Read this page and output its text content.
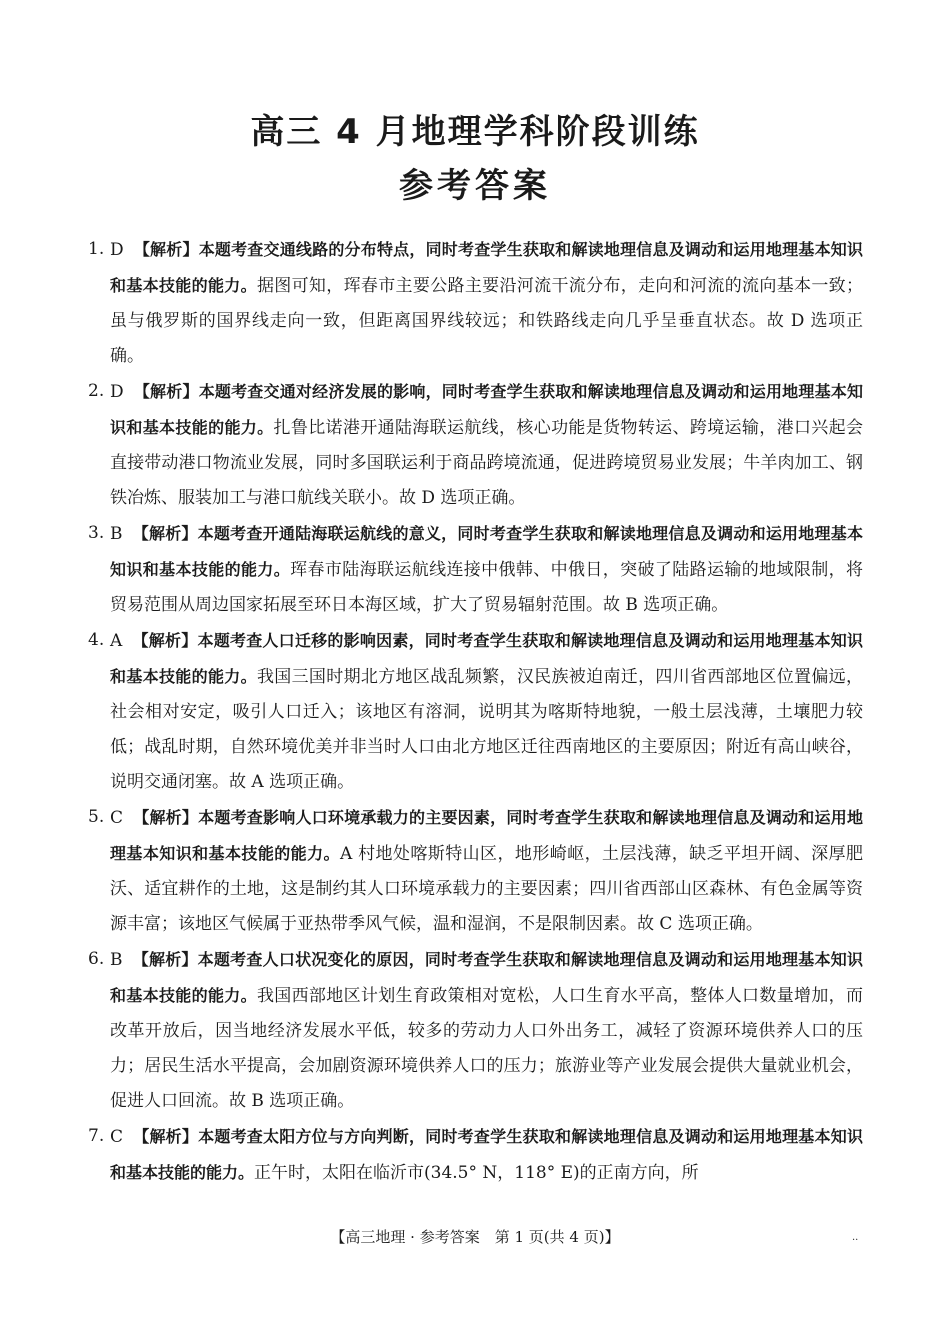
高三 4 月地理学科阶段训练
参考答案
1. D 【解析】本题考查交通线路的分布特点，同时考查学生获取和解读地理信息及调动和运用地理基本知识和基本技能的能力。据图可知，珲春市主要公路主要沿河流干流分布，走向和河流的流向基本一致；虽与俄罗斯的国界线走向一致，但距离国界线较远；和铁路线走向几乎呈垂直状态。故 D 选项正确。
2. D 【解析】本题考查交通对经济发展的影响，同时考查学生获取和解读地理信息及调动和运用地理基本知识和基本技能的能力。扎鲁比诺港开通陆海联运航线，核心功能是货物转运、跨境运输，港口兴起会直接带动港口物流业发展，同时多国联运利于商品跨境流通，促进跨境贸易业发展；牛羊肉加工、钢铁冶炼、服装加工与港口航线关联小。故 D 选项正确。
3. B 【解析】本题考查开通陆海联运航线的意义，同时考查学生获取和解读地理信息及调动和运用地理基本知识和基本技能的能力。珲春市陆海联运航线连接中俄韩、中俄日，突破了陆路运输的地域限制，将贸易范围从周边国家拓展至环日本海区域，扩大了贸易辐射范围。故 B 选项正确。
4. A 【解析】本题考查人口迁移的影响因素，同时考查学生获取和解读地理信息及调动和运用地理基本知识和基本技能的能力。我国三国时期北方地区战乱频繁，汉民族被迫南迁，四川省西部地区位置偏远，社会相对安定，吸引人口迁入；该地区有溶洞，说明其为喀斯特地貌，一般土层浅薄，土壤肥力较低；战乱时期，自然环境优美并非当时人口由北方地区迁往西南地区的主要原因；附近有高山峡谷，说明交通闭塞。故 A 选项正确。
5. C 【解析】本题考查影响人口环境承载力的主要因素，同时考查学生获取和解读地理信息及调动和运用地理基本知识和基本技能的能力。A 村地处喀斯特山区，地形崎岖，土层浅薄，缺乏平坦开阔、深厚肥沃、适宜耕作的土地，这是制约其人口环境承载力的主要因素；四川省西部山区森林、有色金属等资源丰富；该地区气候属于亚热带季风气候，温和湿润，不是限制因素。故 C 选项正确。
6. B 【解析】本题考查人口状况变化的原因，同时考查学生获取和解读地理信息及调动和运用地理基本知识和基本技能的能力。我国西部地区计划生育政策相对宽松，人口生育水平高，整体人口数量增加，而改革开放后，因当地经济发展水平低，较多的劳动力人口外出务工，减轻了资源环境供养人口的压力；居民生活水平提高，会加剧资源环境供养人口的压力；旅游业等产业发展会提供大量就业机会，促进人口回流。故 B 选项正确。
7. C 【解析】本题考查太阳方位与方向判断，同时考查学生获取和解读地理信息及调动和运用地理基本知识和基本技能的能力。正午时，太阳在临沂市(34.5° N，118° E)的正南方向，所
【高三地理 · 参考答案　第 1 页(共 4 页)】	··
